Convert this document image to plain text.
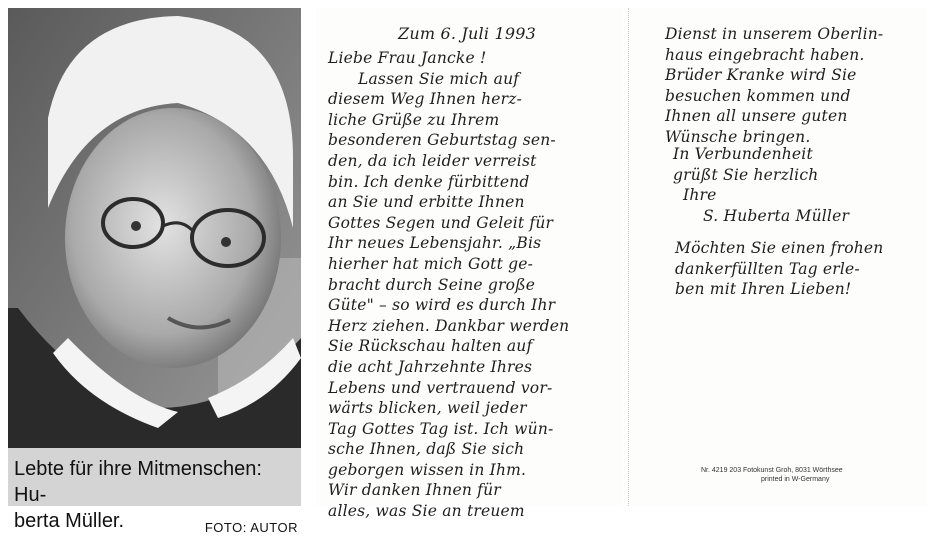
Lebte für ihre Mitmenschen: Hu-
berta Müller.	FOTO: AUTOR
Zum 6. Juli 1993
Liebe Frau Jancke !
Lassen Sie mich auf
diesem Weg Ihnen herz-
liche Grüße zu Ihrem
besonderen Geburtstag sen-
den, da ich leider verreist
bin. Ich denke fürbittend
an Sie und erbitte Ihnen
Gottes Segen und Geleit für
Ihr neues Lebensjahr. „Bis
hierher hat mich Gott ge-
bracht durch Seine große
Güte" – so wird es durch Ihr
Herz ziehen. Dankbar werden
Sie Rückschau halten auf
die acht Jahrzehnte Ihres
Lebens und vertrauend vor-
wärts blicken, weil jeder
Tag Gottes Tag ist. Ich wün-
sche Ihnen, daß Sie sich
geborgen wissen in Ihm.
Wir danken Ihnen für
alles, was Sie an treuem
Dienst in unserem Oberlin-
haus eingebracht haben.
Brüder Kranke wird Sie
besuchen kommen und
Ihnen all unsere guten
Wünsche bringen.
In Verbundenheit
grüßt Sie herzlich
Ihre
S. Huberta Müller
Möchten Sie einen frohen
dankerfüllten Tag erle-
ben mit Ihren Lieben!
Nr. 4219 203 Fotokunst Groh, 8031 Wörthsee
printed in W-Germany
